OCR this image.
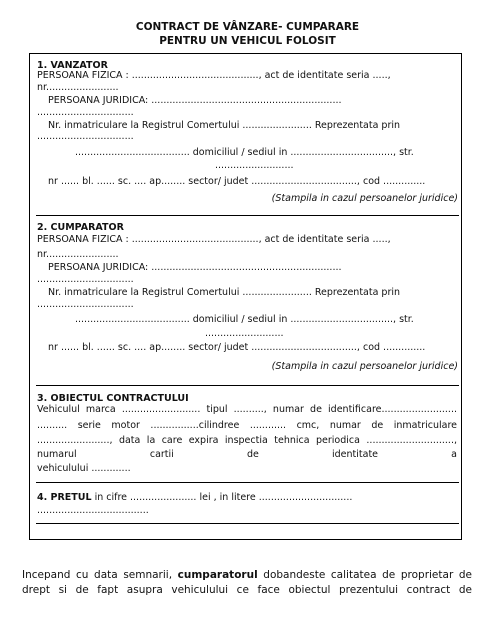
CONTRACT DE VÂNZARE- CUMPARARE
PENTRU UN VEHICUL FOLOSIT
1. VANZATOR
PERSOANA FIZICA : .........................................., act de identitate seria .....,
nr........................
PERSOANA JURIDICA: ...............................................................
................................
Nr. inmatriculare la Registrul Comertului ....................... Reprezentata prin
................................
...................................... domiciliul / sediul in .................................., str.
..........................
nr ...... bl. ...... sc. .... ap........ sector/ judet ..................................., cod ..............
(Stampila in cazul persoanelor juridice)
2. CUMPARATOR
PERSOANA FIZICA : .........................................., act de identitate seria .....,
nr........................
PERSOANA JURIDICA: ...............................................................
................................
Nr. inmatriculare la Registrul Comertului ....................... Reprezentata prin
................................
...................................... domiciliul / sediul in .................................., str.
..........................
nr ...... bl. ...... sc. .... ap........ sector/ judet ..................................., cod ..............
(Stampila in cazul persoanelor juridice)
3. OBIECTUL CONTRACTULUI
Vehiculul marca .......................... tipul .........., numar de identificare.........................
.......... serie motor ................cilindree ............ cmc, numar de inmatriculare
........................, data la care expira inspectia tehnica periodica .............................,
numarul cartii de identitate a
vehiculului .............
4. PRETUL in cifre ...................... lei , in litere ...............................
.....................................
Incepand cu data semnarii, cumparatorul dobandeste calitatea de proprietar de drept si de fapt asupra vehiculului ce face obiectul prezentului contract de
